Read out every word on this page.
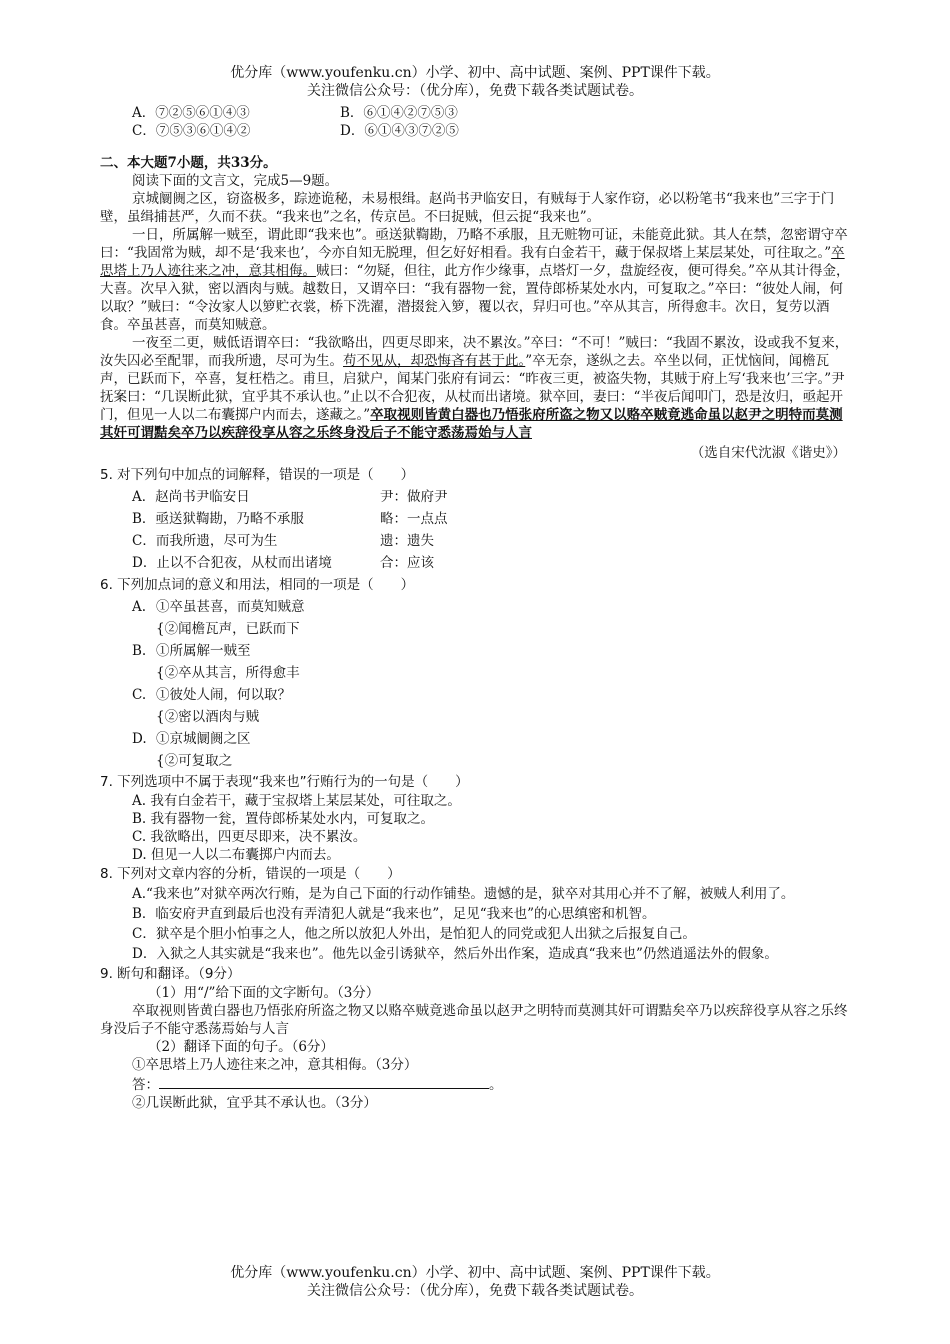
优分库（www.youfenku.cn）小学、初中、高中试题、案例、PPT课件下载。
关注微信公众号：（优分库），免费下载各类试题试卷。
A．⑦②⑤⑥①④③	B．⑥①④②⑦⑤③
C．⑦⑤③⑥①④②	D．⑥①④③⑦②⑤
二、本大题7小题，共33分。
阅读下面的文言文，完成5—9题。

京城阛阓之区，窃盗极多，踪迹诡秘，未易根缉。赵尚书尹临安日，有贼每于人家作窃，必以粉笔书“我来也”三字于门壁，虽缉捕甚严，久而不获。“我来也”之名，传京邑。不曰捉贼，但云捉“我来也”。

一日，所属解一贼至，谓此即“我来也”。亟送狱鞫勘，乃略不承服，且无赃物可证，未能竟此狱。其人在禁，忽密谓守卒曰：“我固常为贼，却不是‘我来也’，今亦自知无脱理，但乞好好相看。我有白金若干，藏于保叔塔上某层某处，可往取之。”卒思塔上乃人迹往来之冲，意其相侮。贼曰：“勿疑，但往，此方作少缘事，点塔灯一夕，盘旋经夜，便可得矣。”卒从其计得金，大喜。次早入狱，密以酒肉与贼。越数日，又谓卒曰：“我有器物一瓮，置侍郎桥某处水内，可复取之。”卒曰：“彼处人闹，何以取？”贼曰：“令汝家人以箩贮衣裳，桥下洗濯，潜掇瓮入箩，覆以衣，舁归可也。”卒从其言，所得愈丰。次日，复劳以酒食。卒虽甚喜，而莫知贼意。

一夜至二更，贼低语谓卒曰：“我欲略出，四更尽即来，决不累汝。”卒曰：“不可！”贼曰：“我固不累汝，设或我不复来，汝失囚必至配罪，而我所遗，尽可为生。苟不见从，却恐悔吝有甚于此。”卒无奈，遂纵之去。卒坐以伺，正忧恼间，闻檐瓦声，已跃而下，卒喜，复枉梏之。甫旦，启狱户，闻某门张府有词云：“昨夜三更，被盗失物，其贼于府上写‘我来也’三字。”尹抚案曰：“几误断此狱，宜乎其不承认也。”止以不合犯夜，从杖而出诸境。狱卒回，妻曰：“半夜后闻叩门，恐是汝归，亟起开门，但见一人以二布囊掷户内而去，遂藏之。”卒取视则皆黄白器也乃悟张府所盗之物又以赂卒贼竟逃命虽以赵尹之明特而莫测其奸可谓黠矣卒乃以疾辞役享从容之乐终身没后子不能守悉荡焉始与人言

（选自宋代沈淑《谐史》）
5. 对下列句中加点的词解释，错误的一项是（　　）
A．赵尚书尹临安日	尹：做府尹
B．亟送狱鞫勘，乃略不承服	略：一点点
C．而我所遗，尽可为生	遗：遗失
D．止以不合犯夜，从杖而出诸境	合：应该
6. 下列加点词的意义和用法，相同的一项是（　　）
A. ①卒虽甚喜，而莫知贼意
{②闻檐瓦声，已跃而下
B. ①所属解一贼至
{②卒从其言，所得愈丰
C. ①彼处人闹，何以取？
{②密以酒肉与贼
D. ①京城阛阓之区
{②可复取之
7. 下列选项中不属于表现“我来也”行贿行为的一句是（　　）
A. 我有白金若干，藏于宝叔塔上某层某处，可往取之。
B. 我有器物一瓮，置侍郎桥某处水内，可复取之。
C. 我欲略出，四更尽即来，决不累汝。
D. 但见一人以二布囊掷户内而去。
8. 下列对文章内容的分析，错误的一项是（　　）
A.“我来也”对狱卒两次行贿，是为自己下面的行动作铺垫。遗憾的是，狱卒对其用心并不了解，被贼人利用了。
B．临安府尹直到最后也没有弄清犯人就是“我来也”，足见“我来也”的心思缜密和机智。
C．狱卒是个胆小怕事之人，他之所以放犯人外出，是怕犯人的同党或犯人出狱之后报复自己。
D．入狱之人其实就是“我来也”。他先以金引诱狱卒，然后外出作案，造成真“我来也”仍然逍遥法外的假象。
9. 断句和翻译。（9分）
（1）用“/”给下面的文字断句。（3分）
卒取视则皆黄白器也乃悟张府所盗之物又以赂卒贼竟逃命虽以赵尹之明特而莫测其奸可谓黠矣卒乃以疾辞役享从容之乐终身没后子不能守悉荡焉始与人言
（2）翻译下面的句子。（6分）
①卒思塔上乃人迹往来之冲，意其相侮。（3分）
答：	。
②几误断此狱，宜乎其不承认也。（3分）
优分库（www.youfenku.cn）小学、初中、高中试题、案例、PPT课件下载。
关注微信公众号：（优分库），免费下载各类试题试卷。
